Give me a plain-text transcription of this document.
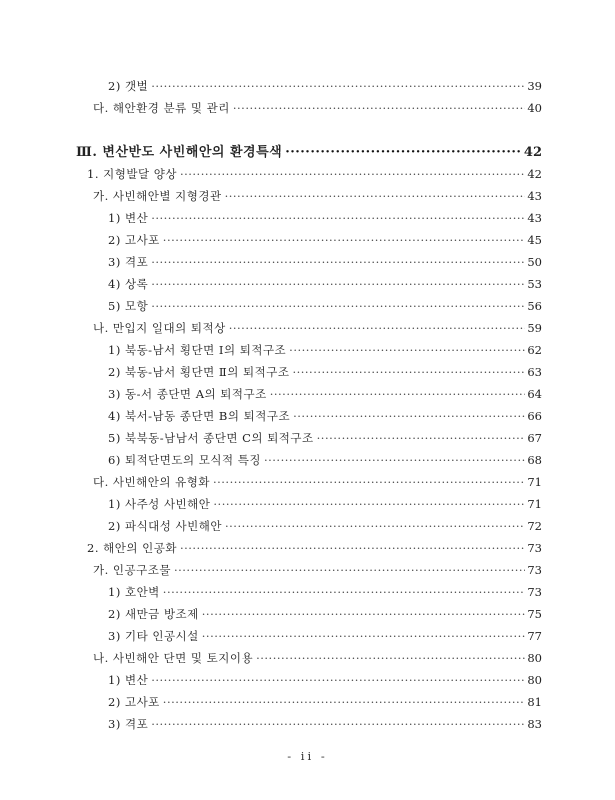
2) 갯벌 ·····	39
다. 해안환경 분류 및 관리 ·····	40
Ⅲ. 변산반도 사빈해안의 환경특색 ·····	42
1. 지형발달 양상 ·····	42
가. 사빈해안별 지형경관 ·····	43
1) 변산 ·····	43
2) 고사포 ·····	45
3) 격포 ·····	50
4) 상록 ·····	53
5) 모항 ·····	56
나. 만입지 일대의 퇴적상 ·····	59
1) 북동-남서 횡단면 Ⅰ의 퇴적구조 ·····	62
2) 북동-남서 횡단면 Ⅱ의 퇴적구조 ·····	63
3) 동-서 종단면 A의 퇴적구조 ·····	64
4) 북서-남동 종단면 B의 퇴적구조 ·····	66
5) 북북동-남남서 종단면 C의 퇴적구조 ·····	67
6) 퇴적단면도의 모식적 특징 ·····	68
다. 사빈해안의 유형화 ·····	71
1) 사주성 사빈해안 ·····	71
2) 파식대성 사빈해안 ·····	72
2. 해안의 인공화 ·····	73
가. 인공구조물 ·····	73
1) 호안벽 ·····	73
2) 새만금 방조제 ·····	75
3) 기타 인공시설 ·····	77
나. 사빈해안 단면 및 토지이용 ·····	80
1) 변산 ·····	80
2) 고사포 ·····	81
3) 격포 ·····	83
- ii -
